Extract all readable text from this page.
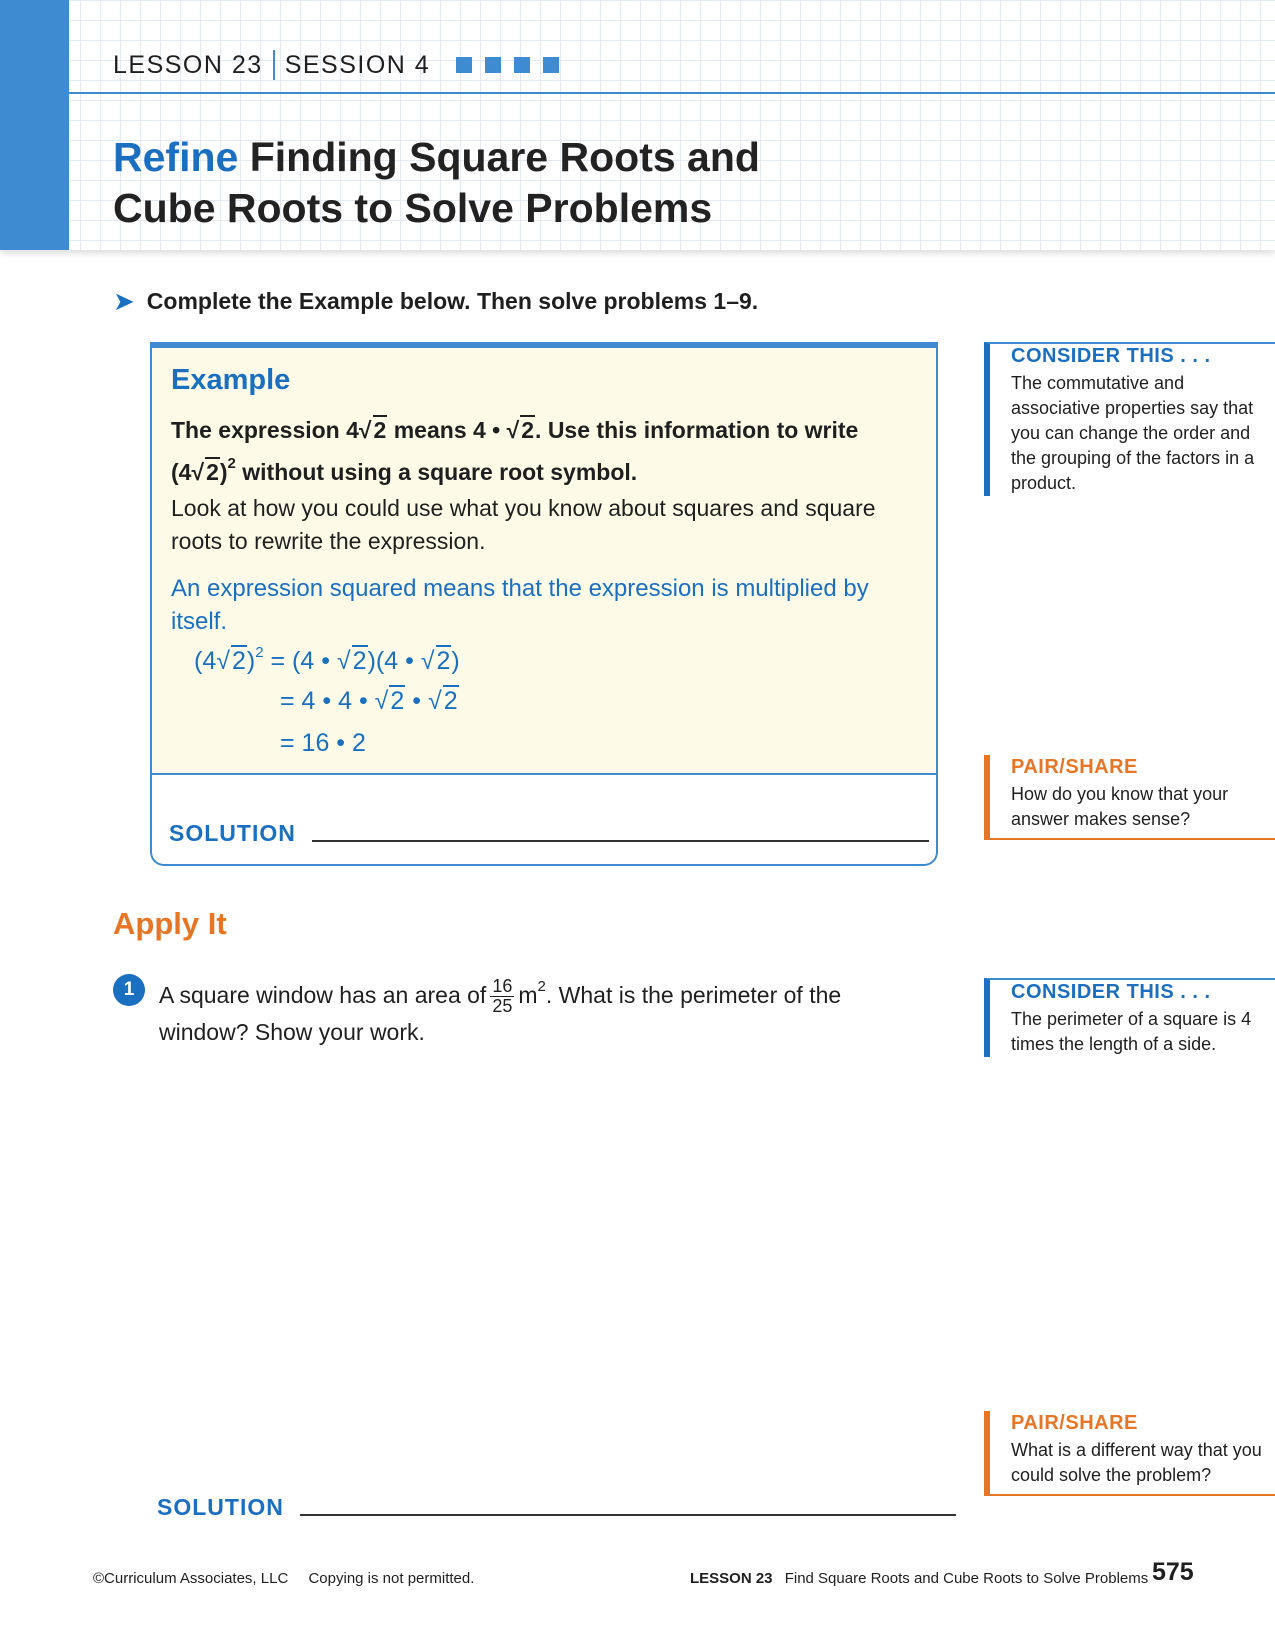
LESSON 23 SESSION 4
Refine Finding Square Roots and Cube Roots to Solve Problems
➤ Complete the Example below. Then solve problems 1–9.
Example
The expression 4√2 means 4 • √2. Use this information to write $(4√2)^2$ without using a square root symbol.
Look at how you could use what you know about squares and square roots to rewrite the expression.
An expression squared means that the expression is multiplied by itself.
$(4√2)^2 = (4$ • √2)(4 • √2)
= 4 • 4 • √2 • √2
= 16 • 2
SOLUTION
CONSIDER THIS . . .
The commutative and associative properties say that you can change the order and the grouping of the factors in a product.
PAIR/SHARE
How do you know that your answer makes sense?
CONSIDER THIS . . .
The perimeter of a square is 4 times the length of a side.
PAIR/SHARE
What is a different way that you could solve the problem?
Apply It
1	A square window has an area of $\frac{16}{25} m^2$. What is the perimeter of the window? Show your work.
SOLUTION
©Curriculum Associates, LLC Copying is not permitted.	LESSON 23 Find Square Roots and Cube Roots to Solve Problems 575
